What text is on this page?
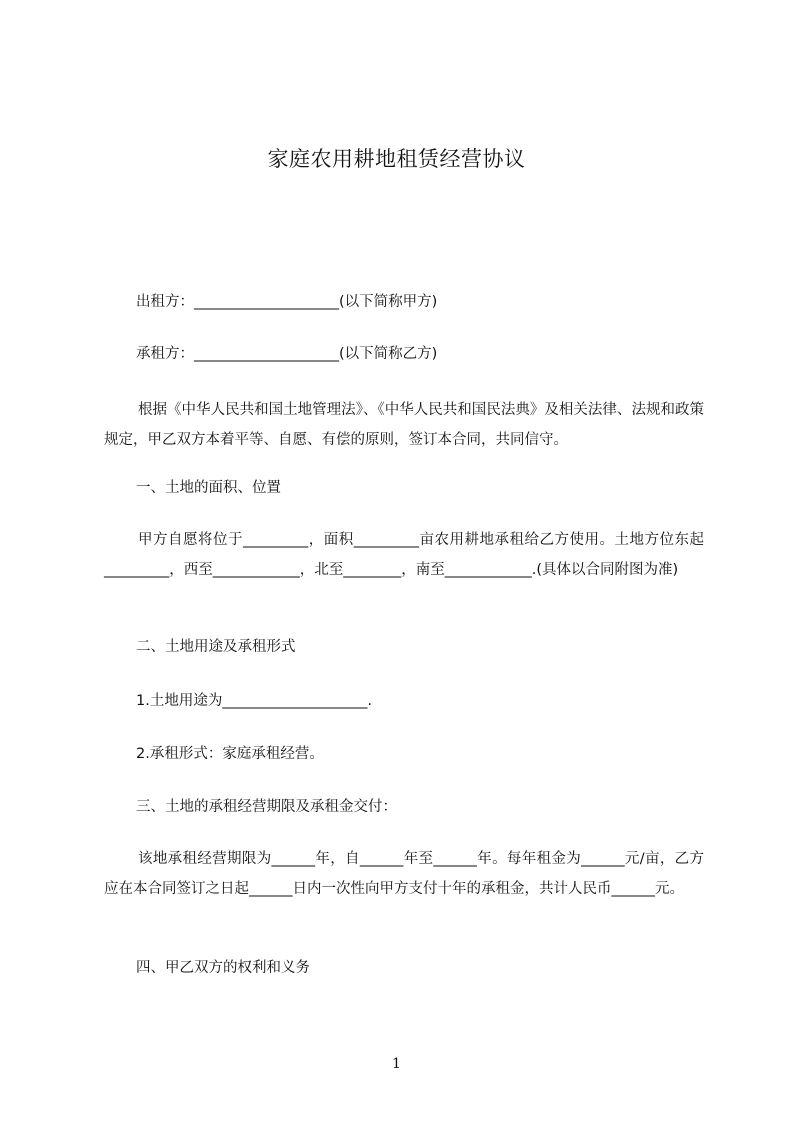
家庭农用耕地租赁经营协议
出租方：____________________(以下简称甲方)
承租方：____________________(以下简称乙方)
根据《中华人民共和国土地管理法》、《中华人民共和国民法典》及相关法律、法规和政策规定，甲乙双方本着平等、自愿、有偿的原则，签订本合同，共同信守。
一、土地的面积、位置
甲方自愿将位于_________，面积_________亩农用耕地承租给乙方使用。土地方位东起_________，西至____________，北至________，南至____________.(具体以合同附图为准)
二、土地用途及承租形式
1.土地用途为____________________.
2.承租形式：家庭承租经营。
三、土地的承租经营期限及承租金交付：
该地承租经营期限为______年，自______年至______年。每年租金为______元/亩，乙方应在本合同签订之日起______日内一次性向甲方支付十年的承租金，共计人民币______元。
四、甲乙双方的权利和义务
1
